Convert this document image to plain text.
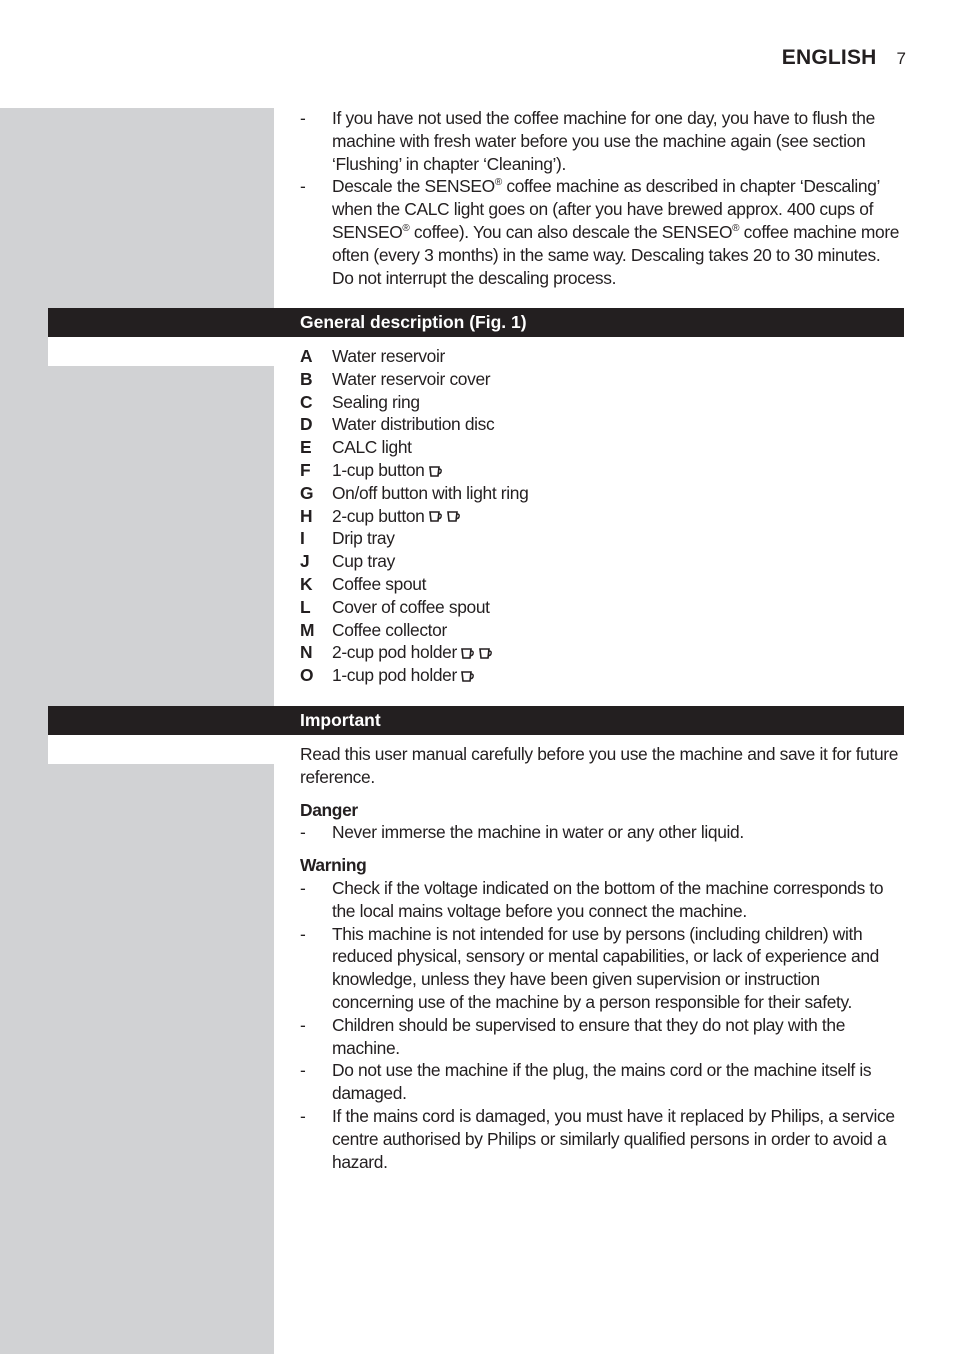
ENGLISH 7
- If you have not used the coffee machine for one day, you have to flush the machine with fresh water before you use the machine again (see section ‘Flushing’ in chapter ‘Cleaning’).
- Descale the SENSEO® coffee machine as described in chapter ‘Descaling’ when the CALC light goes on (after you have brewed approx. 400 cups of SENSEO® coffee). You can also descale the SENSEO® coffee machine more often (every 3 months) in the same way. Descaling takes 20 to 30 minutes. Do not interrupt the descaling process.
General description (Fig. 1)
A	Water reservoir
B	Water reservoir cover
C	Sealing ring
D	Water distribution disc
E	CALC light
F	1-cup button
G	On/off button with light ring
H	2-cup button
I	Drip tray
J	Cup tray
K	Coffee spout
L	Cover of coffee spout
M	Coffee collector
N	2-cup pod holder
O	1-cup pod holder
Important
Read this user manual carefully before you use the machine and save it for future reference.
Danger
- Never immerse the machine in water or any other liquid.
Warning
- Check if the voltage indicated on the bottom of the machine corresponds to the local mains voltage before you connect the machine.
- This machine is not intended for use by persons (including children) with reduced physical, sensory or mental capabilities, or lack of experience and knowledge, unless they have been given supervision or instruction concerning use of the machine by a person responsible for their safety.
- Children should be supervised to ensure that they do not play with the machine.
- Do not use the machine if the plug, the mains cord or the machine itself is damaged.
- If the mains cord is damaged, you must have it replaced by Philips, a service centre authorised by Philips or similarly qualified persons in order to avoid a hazard.
